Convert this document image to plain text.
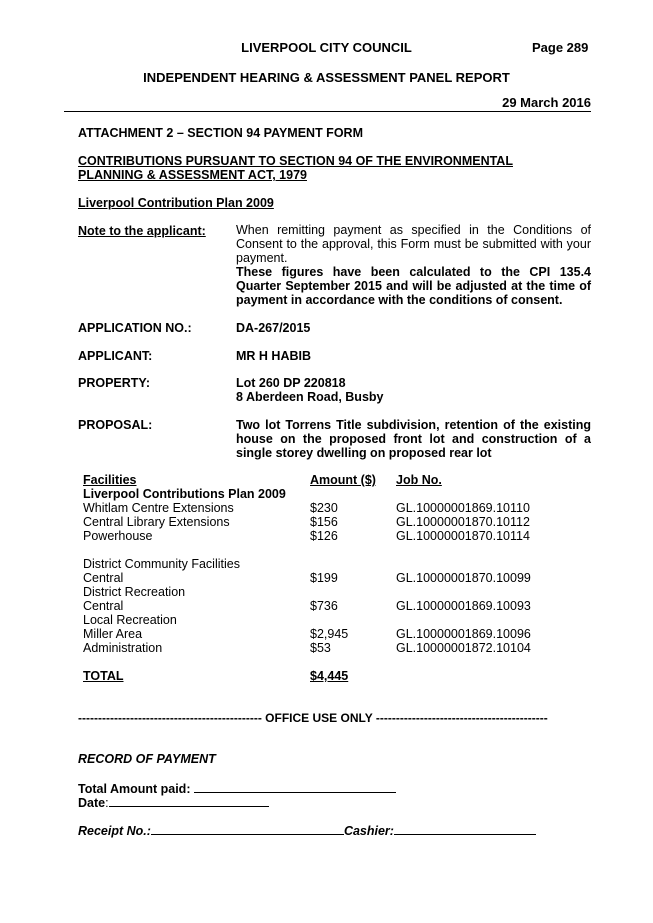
LIVERPOOL CITY COUNCIL	Page 289
INDEPENDENT HEARING & ASSESSMENT PANEL REPORT
29 March 2016
ATTACHMENT 2 – SECTION 94 PAYMENT FORM
CONTRIBUTIONS PURSUANT TO SECTION 94 OF THE ENVIRONMENTAL
PLANNING & ASSESSMENT ACT, 1979
Liverpool Contribution Plan 2009
Note to the applicant: When remitting payment as specified in the Conditions of Consent to the approval, this Form must be submitted with your payment.
These figures have been calculated to the CPI 135.4 Quarter September 2015 and will be adjusted at the time of payment in accordance with the conditions of consent.
APPLICATION NO.:	DA-267/2015
APPLICANT:	MR H HABIB
PROPERTY:	Lot 260 DP 220818
8 Aberdeen Road, Busby
PROPOSAL:	Two lot Torrens Title subdivision, retention of the existing house on the proposed front lot and construction of a single storey dwelling on proposed rear lot
Facilities	Amount ($)	Job No.
Liverpool Contributions Plan 2009
Whitlam Centre Extensions	$230	GL.10000001869.10110
Central Library Extensions	$156	GL.10000001870.10112
Powerhouse	$126	GL.10000001870.10114
District Community Facilities
Central	$199	GL.10000001870.10099
District Recreation
Central	$736	GL.10000001869.10093
Local Recreation
Miller Area	$2,945	GL.10000001869.10096
Administration	$53	GL.10000001872.10104
TOTAL	$4,445
---------------------------------------------- OFFICE USE ONLY -------------------------------------------
RECORD OF PAYMENT
Total Amount paid:
Date:
Receipt No.:	Cashier:
